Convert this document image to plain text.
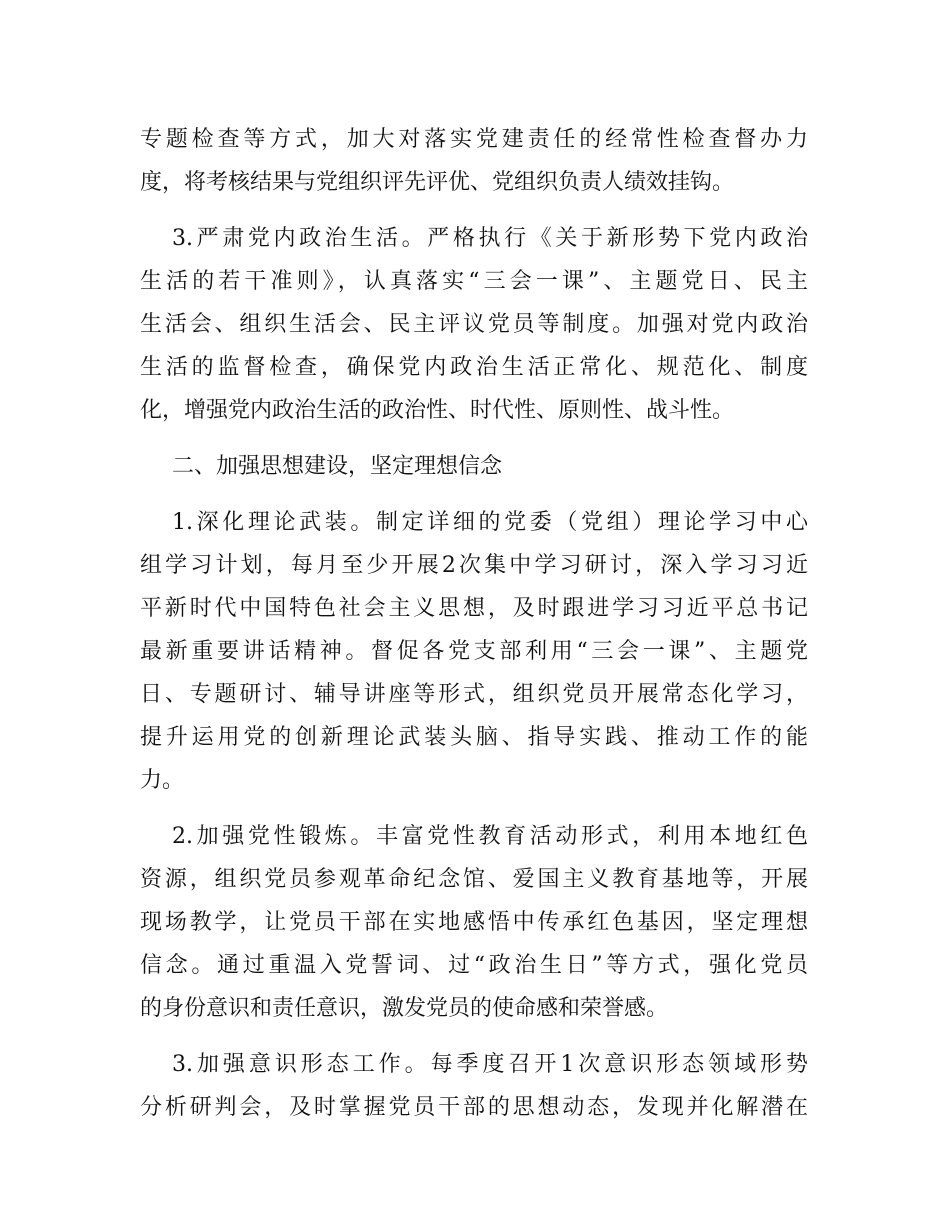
专题检查等方式，加大对落实党建责任的经常性检查督办力
度，将考核结果与党组织评先评优、党组织负责人绩效挂钩。
3.严肃党内政治生活。严格执行《关于新形势下党内政治
生活的若干准则》，认真落实“三会一课”、主题党日、民主
生活会、组织生活会、民主评议党员等制度。加强对党内政治
生活的监督检查，确保党内政治生活正常化、规范化、制度
化，增强党内政治生活的政治性、时代性、原则性、战斗性。
二、加强思想建设，坚定理想信念
1.深化理论武装。制定详细的党委（党组）理论学习中心
组学习计划，每月至少开展2次集中学习研讨，深入学习习近
平新时代中国特色社会主义思想，及时跟进学习习近平总书记
最新重要讲话精神。督促各党支部利用“三会一课”、主题党
日、专题研讨、辅导讲座等形式，组织党员开展常态化学习，
提升运用党的创新理论武装头脑、指导实践、推动工作的能
力。
2.加强党性锻炼。丰富党性教育活动形式，利用本地红色
资源，组织党员参观革命纪念馆、爱国主义教育基地等，开展
现场教学，让党员干部在实地感悟中传承红色基因，坚定理想
信念。通过重温入党誓词、过“政治生日”等方式，强化党员
的身份意识和责任意识，激发党员的使命感和荣誉感。
3.加强意识形态工作。每季度召开1次意识形态领域形势
分析研判会，及时掌握党员干部的思想动态，发现并化解潜在
